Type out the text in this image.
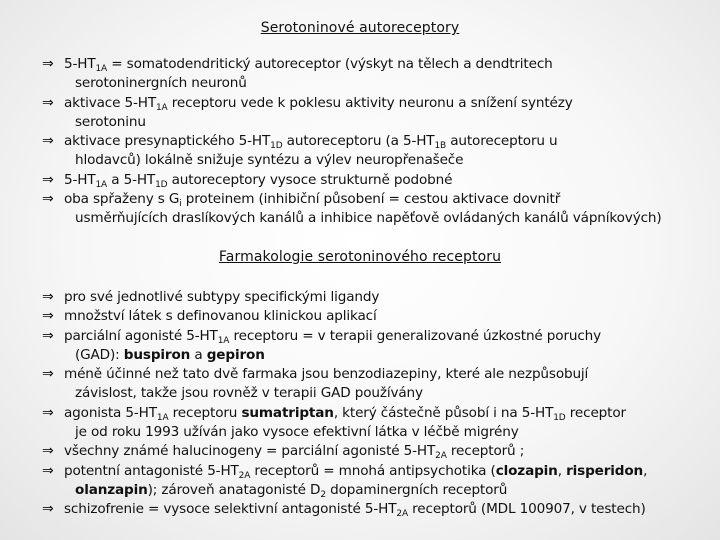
Serotoninové autoreceptory
⇒ $5-HT_{1A}$ = somatodendritický autoreceptor (výskyt na tělech a dendtritech
serotoninergních neuronů
⇒ aktivace $5-HT_{1A}$ receptoru vede k poklesu aktivity neuronu a snížení syntézy
serotoninu
⇒ aktivace presynaptického $5-HT_{1D}$ autoreceptoru (a $5-HT_{1B}$ autoreceptoru u
hlodavců) lokálně snižuje syntézu a výlev neuropřenašeče
⇒ $5-HT_{1A}$ a $5-HT_{1D}$ autoreceptory vysoce strukturně podobné
⇒ oba spřaženy s $G_i$ proteinem (inhibiční působení = cestou aktivace dovnitř
usměrňujících draslíkových kanálů a inhibice napěťově ovládaných kanálů vápníkových)
Farmakologie serotoninového receptoru
⇒ pro své jednotlivé subtypy specifickými ligandy
⇒ množství látek s definovanou klinickou aplikací
⇒ parciální agonisté $5-HT_{1A}$ receptoru = v terapii generalizované úzkostné poruchy
(GAD): buspiron a gepiron
⇒ méně účinné než tato dvě farmaka jsou benzodiazepiny, které ale nezpůsobují
závislost, takže jsou rovněž v terapii GAD používány
⇒ agonista $5-HT_{1A}$ receptoru sumatriptan, který částečně působí i na $5-HT_{1D}$ receptor
je od roku 1993 užíván jako vysoce efektivní látka v léčbě migrény
⇒ všechny známé halucinogeny = parciální agonisté $5-HT_{2A}$ receptorů ;
⇒ potentní antagonisté $5-HT_{2A}$ receptorů = mnohá antipsychotika (clozapin, risperidon,
olanzapin); zároveň anatagonisté $D_2$ dopaminergních receptorů
⇒ schizofrenie = vysoce selektivní antagonisté $5-HT_{2A}$ receptorů (MDL 100907, v testech)
